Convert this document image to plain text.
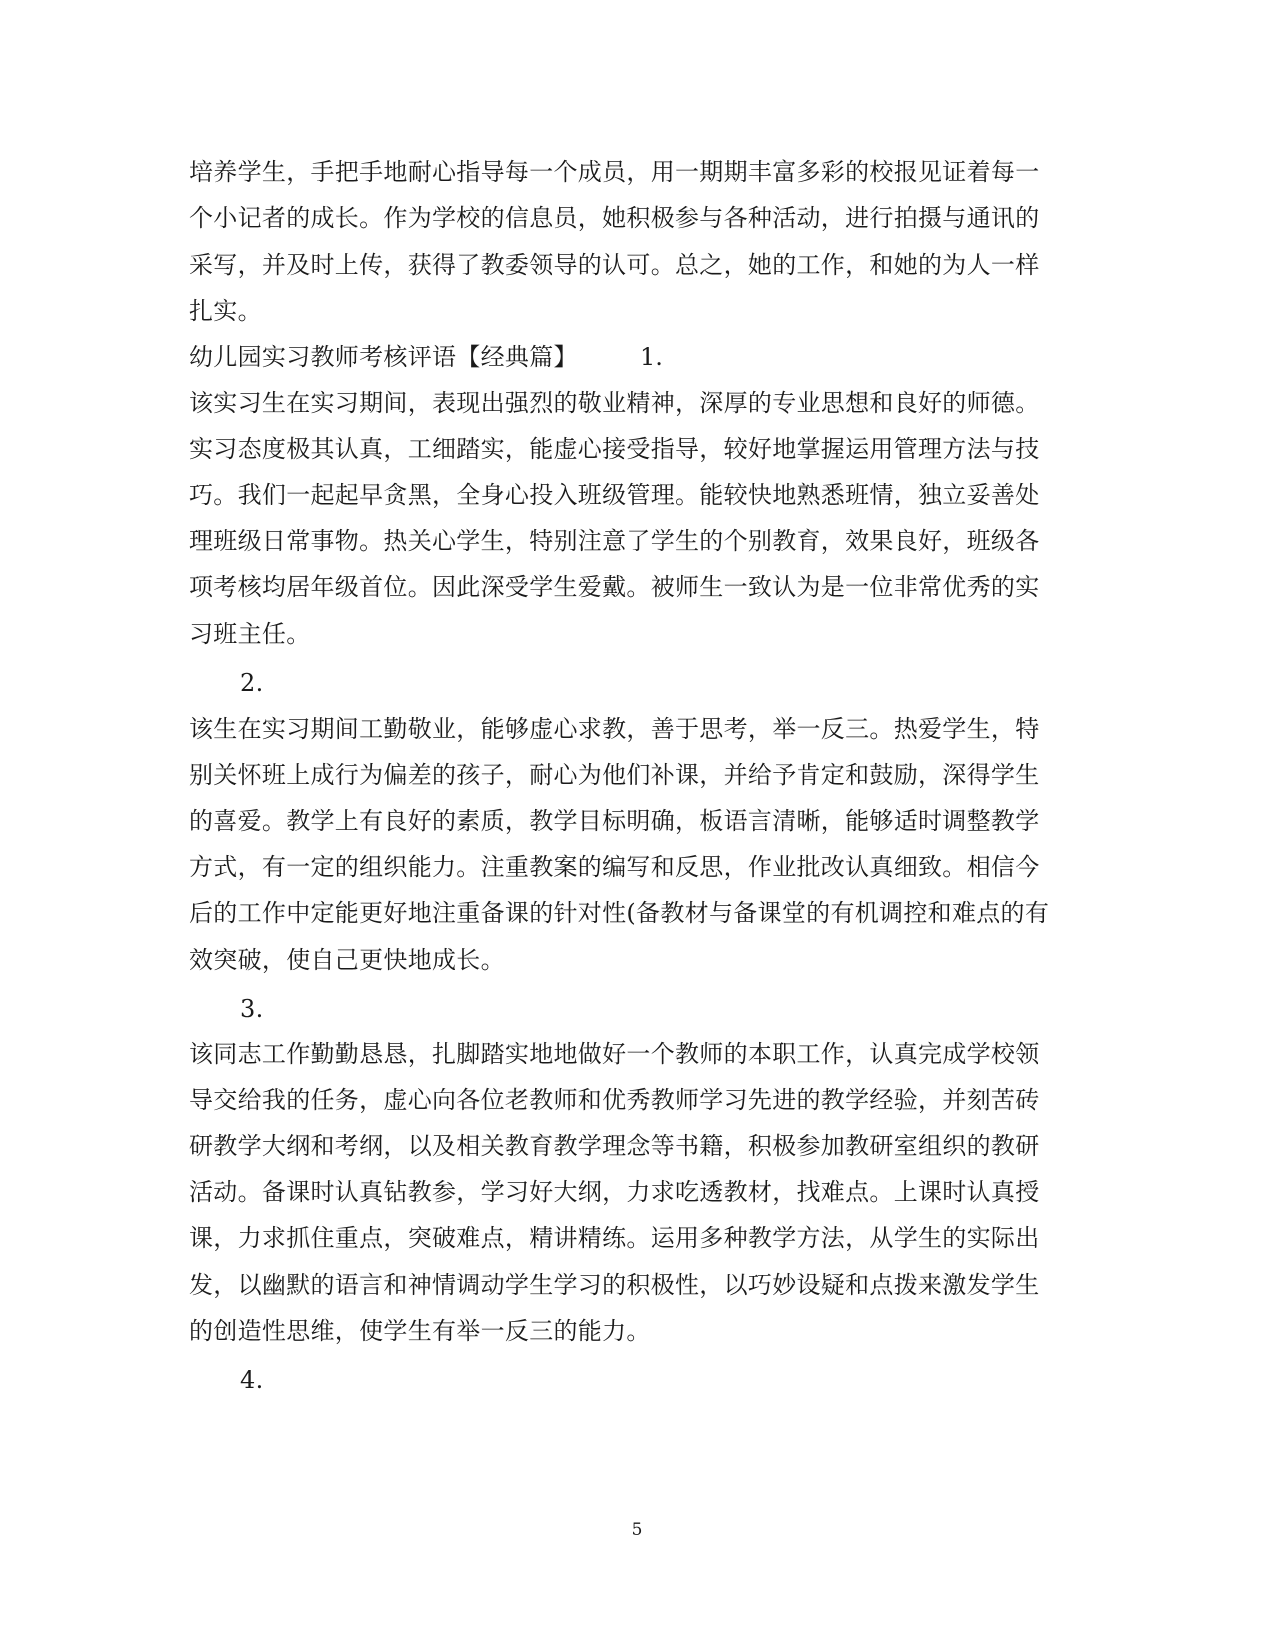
培养学生，手把手地耐心指导每一个成员，用一期期丰富多彩的校报见证着每一
个小记者的成长。作为学校的信息员，她积极参与各种活动，进行拍摄与通讯的
采写，并及时上传，获得了教委领导的认可。总之，她的工作，和她的为人一样
扎实。
幼儿园实习教师考核评语【经典篇】	1.
该实习生在实习期间，表现出强烈的敬业精神，深厚的专业思想和良好的师德。
实习态度极其认真，工细踏实，能虚心接受指导，较好地掌握运用管理方法与技
巧。我们一起起早贪黑，全身心投入班级管理。能较快地熟悉班情，独立妥善处
理班级日常事物。热关心学生，特别注意了学生的个别教育，效果良好，班级各
项考核均居年级首位。因此深受学生爱戴。被师生一致认为是一位非常优秀的实
习班主任。
2.
该生在实习期间工勤敬业，能够虚心求教，善于思考，举一反三。热爱学生，特
别关怀班上成行为偏差的孩子，耐心为他们补课，并给予肯定和鼓励，深得学生
的喜爱。教学上有良好的素质，教学目标明确，板语言清晰，能够适时调整教学
方式，有一定的组织能力。注重教案的编写和反思，作业批改认真细致。相信今
后的工作中定能更好地注重备课的针对性(备教材与备课堂的有机调控和难点的有
效突破，使自己更快地成长。
3.
该同志工作勤勤恳恳，扎脚踏实地地做好一个教师的本职工作，认真完成学校领
导交给我的任务，虚心向各位老教师和优秀教师学习先进的教学经验，并刻苦砖
研教学大纲和考纲，以及相关教育教学理念等书籍，积极参加教研室组织的教研
活动。备课时认真钻教参，学习好大纲，力求吃透教材，找难点。上课时认真授
课，力求抓住重点，突破难点，精讲精练。运用多种教学方法，从学生的实际出
发，以幽默的语言和神情调动学生学习的积极性，以巧妙设疑和点拨来激发学生
的创造性思维，使学生有举一反三的能力。
4.
5
